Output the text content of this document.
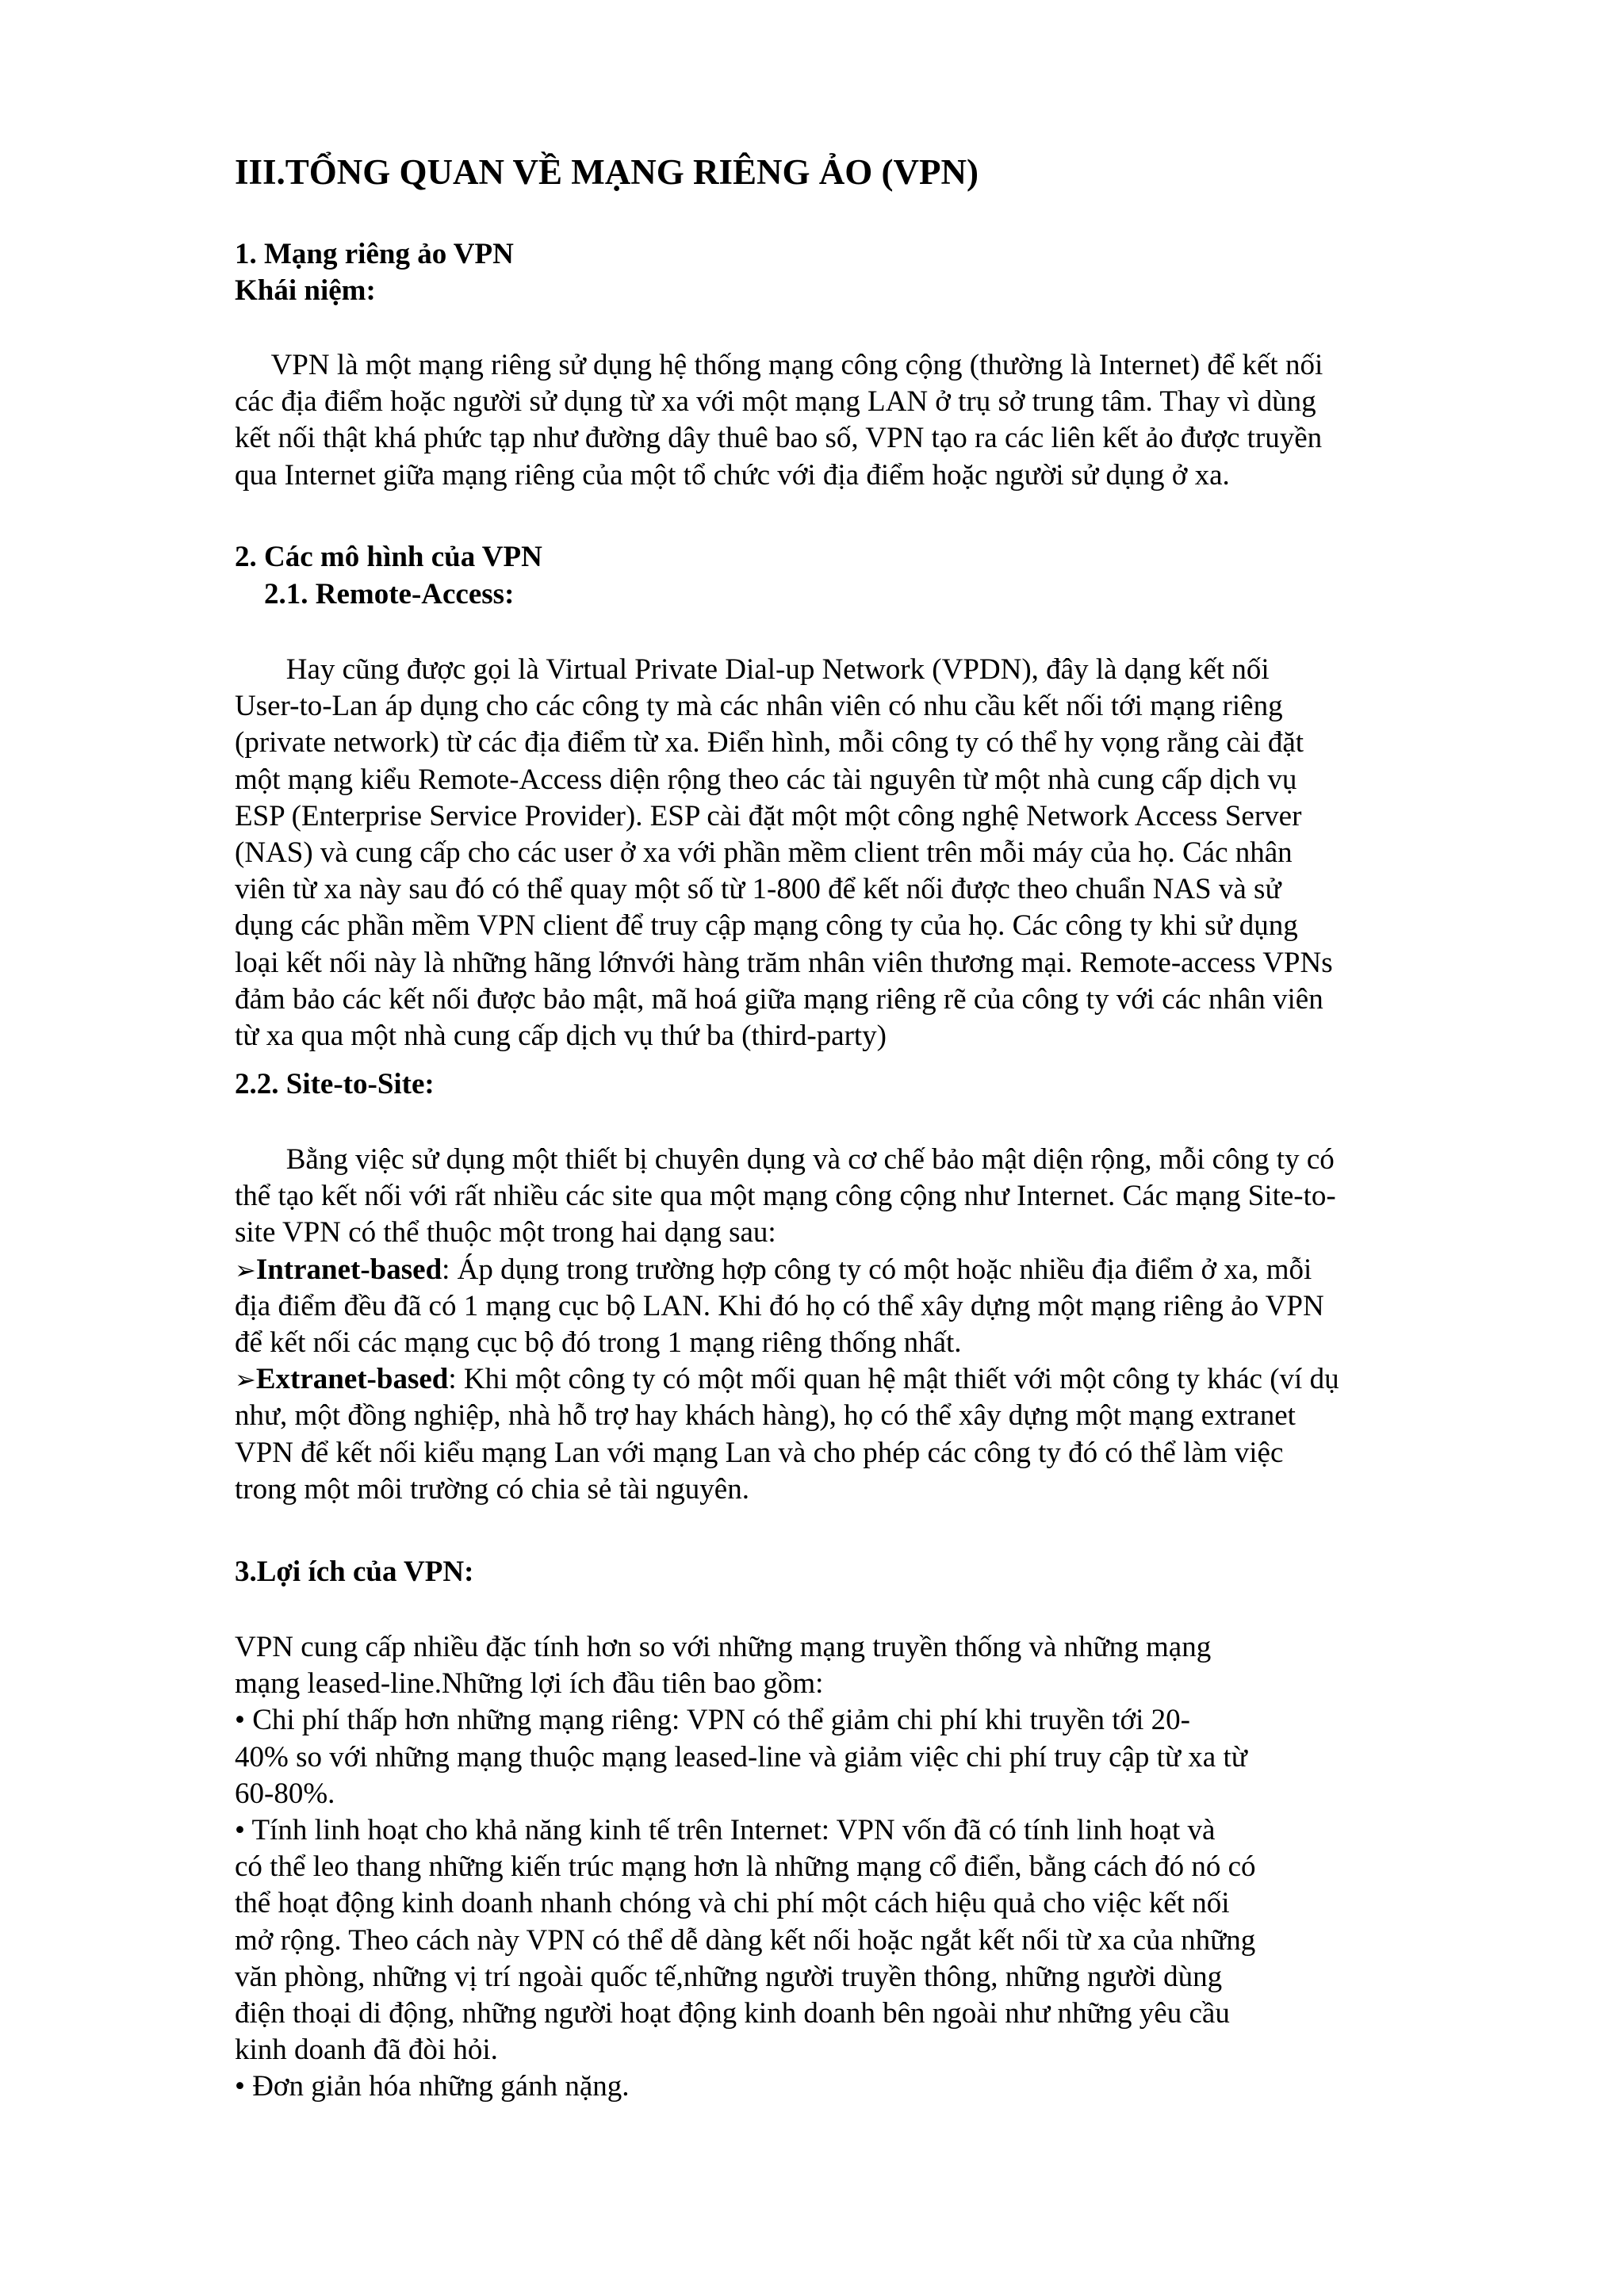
III.TỔNG QUAN VỀ MẠNG RIÊNG ẢO (VPN)
1. Mạng riêng ảo VPN
Khái niệm:
VPN là một mạng riêng sử dụng hệ thống mạng công cộng (thường là Internet) để kết nối
các địa điểm hoặc người sử dụng từ xa với một mạng LAN ở trụ sở trung tâm. Thay vì dùng
kết nối thật khá phức tạp như đường dây thuê bao số, VPN tạo ra các liên kết ảo được truyền
qua Internet giữa mạng riêng của một tổ chức với địa điểm hoặc người sử dụng ở xa.
2. Các mô hình của VPN
2.1. Remote-Access:
Hay cũng được gọi là Virtual Private Dial-up Network (VPDN), đây là dạng kết nối
User-to-Lan áp dụng cho các công ty mà các nhân viên có nhu cầu kết nối tới mạng riêng
(private network) từ các địa điểm từ xa. Điển hình, mỗi công ty có thể hy vọng rằng cài đặt
một mạng kiểu Remote-Access diện rộng theo các tài nguyên từ một nhà cung cấp dịch vụ
ESP (Enterprise Service Provider). ESP cài đặt một một công nghệ Network Access Server
(NAS) và cung cấp cho các user ở xa với phần mềm client trên mỗi máy của họ. Các nhân
viên từ xa này sau đó có thể quay một số từ 1-800 để kết nối được theo chuẩn NAS và sử
dụng các phần mềm VPN client để truy cập mạng công ty của họ. Các công ty khi sử dụng
loại kết nối này là những hãng lớnvới hàng trăm nhân viên thương mại. Remote-access VPNs
đảm bảo các kết nối được bảo mật, mã hoá giữa mạng riêng rẽ của công ty với các nhân viên
từ xa qua một nhà cung cấp dịch vụ thứ ba (third-party)
2.2. Site-to-Site:
Bằng việc sử dụng một thiết bị chuyên dụng và cơ chế bảo mật diện rộng, mỗi công ty có
thể tạo kết nối với rất nhiều các site qua một mạng công cộng như Internet. Các mạng Site-to-
site VPN có thể thuộc một trong hai dạng sau:
➢Intranet-based: Áp dụng trong trường hợp công ty có một hoặc nhiều địa điểm ở xa, mỗi
địa điểm đều đã có 1 mạng cục bộ LAN. Khi đó họ có thể xây dựng một mạng riêng ảo VPN
để kết nối các mạng cục bộ đó trong 1 mạng riêng thống nhất.
➢Extranet-based: Khi một công ty có một mối quan hệ mật thiết với một công ty khác (ví dụ
như, một đồng nghiệp, nhà hỗ trợ hay khách hàng), họ có thể xây dựng một mạng extranet
VPN để kết nối kiểu mạng Lan với mạng Lan và cho phép các công ty đó có thể làm việc
trong một môi trường có chia sẻ tài nguyên.
3.Lợi ích của VPN:
VPN cung cấp nhiều đặc tính hơn so với những mạng truyền thống và những mạng
mạng leased-line.Những lợi ích đầu tiên bao gồm:
• Chi phí thấp hơn những mạng riêng: VPN có thể giảm chi phí khi truyền tới 20-
40% so với những mạng thuộc mạng leased-line và giảm việc chi phí truy cập từ xa từ
60-80%.
• Tính linh hoạt cho khả năng kinh tế trên Internet: VPN vốn đã có tính linh hoạt và
có thể leo thang những kiến trúc mạng hơn là những mạng cổ điển, bằng cách đó nó có
thể hoạt động kinh doanh nhanh chóng và chi phí một cách hiệu quả cho việc kết nối
mở rộng. Theo cách này VPN có thể dễ dàng kết nối hoặc ngắt kết nối từ xa của những
văn phòng, những vị trí ngoài quốc tế,những người truyền thông, những người dùng
điện thoại di động, những người hoạt động kinh doanh bên ngoài như những yêu cầu
kinh doanh đã đòi hỏi.
• Đơn giản hóa những gánh nặng.
